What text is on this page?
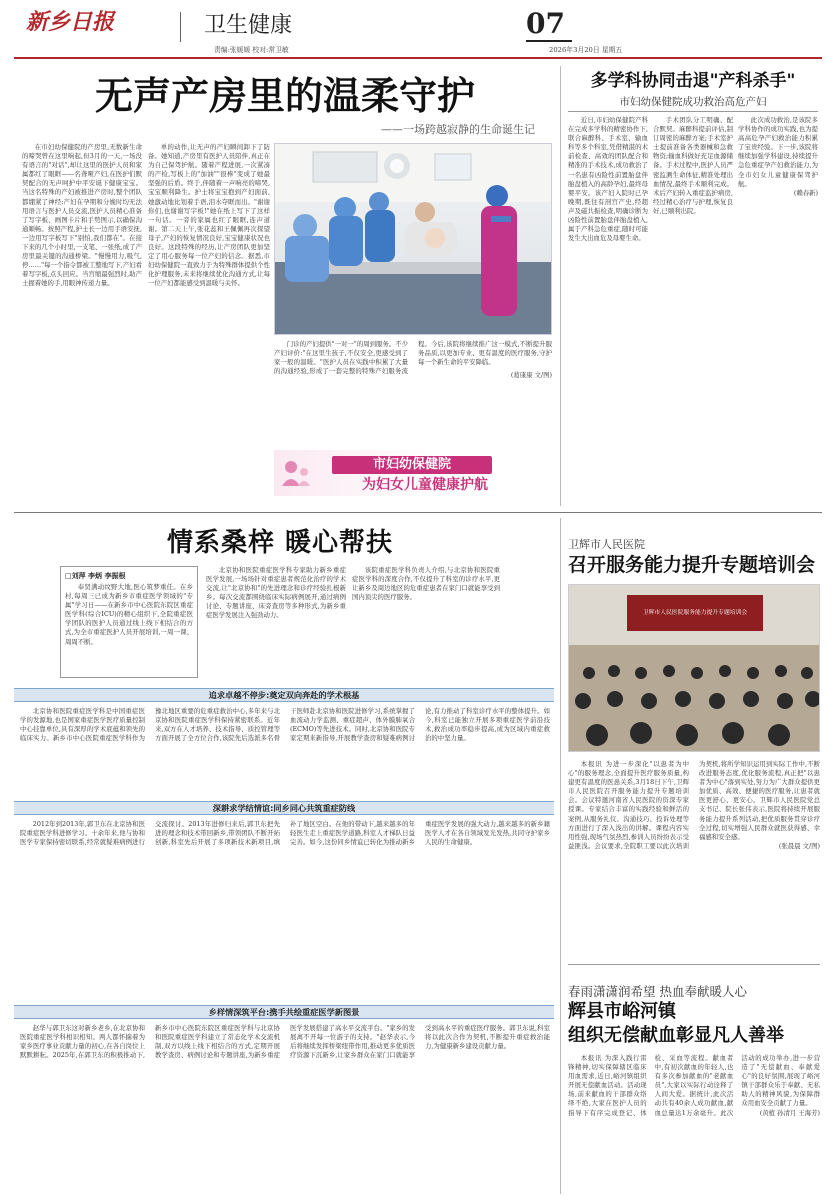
新乡日报	卫生健康	07
责编:张媛媛 校对:常卫敏	2026年3月20日 星期五
无声产房里的温柔守护
——一场跨越寂静的生命诞生记

在市妇幼保健院的产房里,无数新生命的啼哭曾在这里响起,但3月的一天,一场没有语言的"对话",却让这里的医护人员和家属都红了眼眶——名聋哑产妇,在医护们默契配合的无声呵护中平安诞下健康宝宝。当这名特殊的产妇被推进产房时,整个团队都绷紧了神经:产妇在孕期和分娩时均无法用语言与医护人员交流,医护人员精心准备了写字板、画图卡片和手势图示,以确保沟通顺畅。按照产程,护士长一边用手语安抚,一边用写字板写下"别怕,我们都在"。在接下来的几个小时里,一支笔、一张纸,成了产房里最关键的沟通桥梁。"慢慢用力,吸气,停……"每一个指令都被工整地写下,产妇看着写字板,点头回应。当宫缩最强烈时,助产士握着她的手,用眼神传递力量。

单的动作,让无声的产妇瞬间卸下了防备。她知道,产房里有医护人员陪伴,真正在为自己保驾护航。随着产程进展,一次紧凑的产检,写板上的"加油""很棒"变成了她最坚强的后盾。终于,伴随着一声响亮的啼哭,宝宝顺利降生。护士将宝宝抱到产妇面前,她激动地比划着手语,泪水夺眶而出。"谢谢你们,也谢谢写字板!"她在纸上写下了这样一句话。一旁的家属也红了眼眶,连声道谢。第二天上午,张花蕊和王佩佩再次探望母子,产妇的恢复情况良好,宝宝健康状况也良好。这段特殊的经历,让产房团队更加坚定了用心服务每一位产妇的信念。据悉,市妇幼保健院一直致力于为特殊群体提供个性化护理服务,未来将继续优化沟通方式,让每一位产妇都能感受到温暖与关怀。

门诊的产妇提供"一对一"的周到服务。不少产妇评价:"在这里生孩子,不仅安全,更感受到了家一般的温暖。"医护人员在实践中积累了大量的沟通经验,形成了一套完整的特殊产妇服务流程。今后,该院将继续推广这一模式,不断提升服务品质,以更加专业、更有温度的医疗服务,守护每一个新生命的平安降临。

(葛康康 文/图)
市妇幼保健院
为妇女儿童健康护航
多学科协同击退"产科杀手"
市妇幼保健院成功救治高危产妇

近日,市妇幼保健院产科在完成多学科的精密协作下,联合麻醉科、手术室、输血科等多个科室,凭借精湛的术前检查、高效的团队配合和精准的手术技术,成功救治了一名患有凶险性前置胎盘伴胎盘植入的高龄孕妇,最终母婴平安。该产妇入院时已孕晚期,既往有剖宫产史,经超声及磁共振检查,明确诊断为凶险性前置胎盘伴胎盘植入,属于产科急危重症,随时可能发生大出血危及母婴生命。

手术团队分工明确、配合默契。麻醉科提前评估,制订周密的麻醉方案;手术室护士提前准备各类器械和急救物资;输血科做好充足血源储备。手术过程中,医护人员严密监测生命体征,精准处理出血情况,最终手术顺利完成。术后产妇转入重症监护病房,经过精心治疗与护理,恢复良好,已顺利出院。

此次成功救治,是该院多学科协作的成功实践,也为提高高危孕产妇救治能力积累了宝贵经验。下一步,该院将继续加强学科建设,持续提升急危重症孕产妇救治能力,为全市妇女儿童健康保驾护航。

(赖春新)
情系桑梓 暖心帮扶
□刘萍 李炳 李振根

奉贤满动纹野大地,医心筑梦重任。在乡村,每周三已成为新乡市重症医学领域的"专属"学习日——在新乡市中心医院东院区重症医学科(综合ICU)的精心组织下,全院重症医学团队的医护人员通过线上线下相结合的方式,为全市重症医护人员开展培训,一周一课、周周不断。

北京协和医院重症医学科专家助力新乡重症医学发展,一场场针对重症患者规范化治疗的学术交流,让"北京协和"的先进理念和诊疗经验扎根新乡。每次交流都围绕临床实际病例展开,通过病例讨论、专题讲座、床旁查房等多种形式,为新乡重症医学发展注入强劲动力。

该院重症医学科负责人介绍,与北京协和医院重症医学科的深度合作,不仅提升了科室的诊疗水平,更让新乡及周边地区的危重症患者在家门口就能享受到国内顶尖的医疗服务。

追求卓越不停步:奠定双向奔赴的学术根基

北京协和医院重症医学科是中国重症医学的发源地,也是国家重症医学医疗质量控制中心挂靠单位,具有深厚的学术底蕴和领先的临床实力。新乡市中心医院重症医学科作为豫北地区重要的危重症救治中心,多年来与北京协和医院重症医学科保持紧密联系。近年来,双方在人才培养、技术指导、质控管理等方面开展了全方位合作,该院先后选派多名骨干医师赴北京协和医院进修学习,系统掌握了血流动力学监测、重症超声、体外膜肺氧合(ECMO)等先进技术。同时,北京协和医院专家定期来新指导,开展教学查房和疑难病例讨论,有力推动了科室诊疗水平的整体提升。如今,科室已能独立开展多项重症医学前沿技术,救治成功率稳步提高,成为区域内重症救治的中坚力量。

深耕求学结情谊:同乡同心共筑重症防线

2012年到2013年,郭卫东在北京协和医院重症医学科进修学习。十余年来,他与协和医学专家保持密切联系,经常就疑难病例进行交流探讨。2013年进修归来后,郭卫东把先进的理念和技术带回新乡,带领团队不断开拓创新,科室先后开展了多项新技术新项目,填补了地区空白。在他的带动下,越来越多的年轻医生走上重症医学道路,科室人才梯队日益完善。如今,这份同乡情谊已转化为推动新乡重症医学发展的强大动力,越来越多的新乡籍医学人才在各自领域发光发热,共同守护家乡人民的生命健康。

乡样情深筑平台:携手共绘重症医学新图景

赵华与郭卫东这对新乡老乡,在北京协和医院重症医学科相识相知。两人都怀揣着为家乡医疗事业贡献力量的初心,在各自岗位上默默耕耘。2025年,在郭卫东的积极推动下,新乡市中心医院东院区重症医学科与北京协和医院重症医学科建立了常态化学术交流机制,双方以线上线下相结合的方式,定期开展教学查房、病例讨论和专题讲座,为新乡重症医学发展搭建了高水平交流平台。"家乡的发展离不开每一位游子的支持。"赵华表示,今后将继续发挥桥梁纽带作用,推动更多优质医疗资源下沉新乡,让家乡群众在家门口就能享受到高水平的重症医疗服务。郭卫东说,科室将以此次合作为契机,不断提升重症救治能力,为健康新乡建设贡献力量。

卫辉市人民医院
召开服务能力提升专题培训会
卫辉市人民医院服务能力提升专题培训会

本报讯 为进一步深化"以患者为中心"的服务理念,全面提升医疗服务质量,构建更有温度的医患关系,3月18日下午,卫辉市人民医院召开服务能力提升专题培训会。会议特邀河南省人民医院的资深专家授课。专家结合丰富的实践经验和鲜活的案例,从服务礼仪、沟通技巧、投诉处理等方面进行了深入浅出的讲解。课程内容实用性强,现场气氛热烈,参训人员纷纷表示受益匪浅。会议要求,全院职工要以此次培训为契机,将所学知识运用到实际工作中,不断改进服务态度,优化服务流程,真正把"以患者为中心"落到实处,努力为广大群众提供更加优质、高效、便捷的医疗服务,让患者就医更舒心、更安心。卫辉市人民医院党总支书记、院长张伟表示,医院将持续开展服务能力提升系列活动,把优质服务贯穿诊疗全过程,切实增强人民群众就医获得感、幸福感和安全感。

(张晨晨 文/图)
春雨潇潇润希望 热血奉献暖人心
辉县市峪河镇
组织无偿献血彰显凡人善举

本报讯 为深入践行雷锋精神,切实保障辖区临床用血需求,近日,峪河镇组织开展无偿献血活动。活动现场,前来献血的干部群众络绎不绝,大家在医护人员的指导下有序完成登记、体检、采血等流程。献血者中,有初次献血的年轻人,也有多次参加献血的"老献血员",大家以实际行动诠释了人间大爱。据统计,此次活动共有40余人成功献血,献血总量达1万余毫升。此次活动的成功举办,进一步营造了"无偿献血、奉献爱心"的良好氛围,展现了峪河镇干部群众乐于奉献、无私助人的精神风貌,为保障群众用血安全贡献了力量。

(黄植 孙清月 王海芳)
